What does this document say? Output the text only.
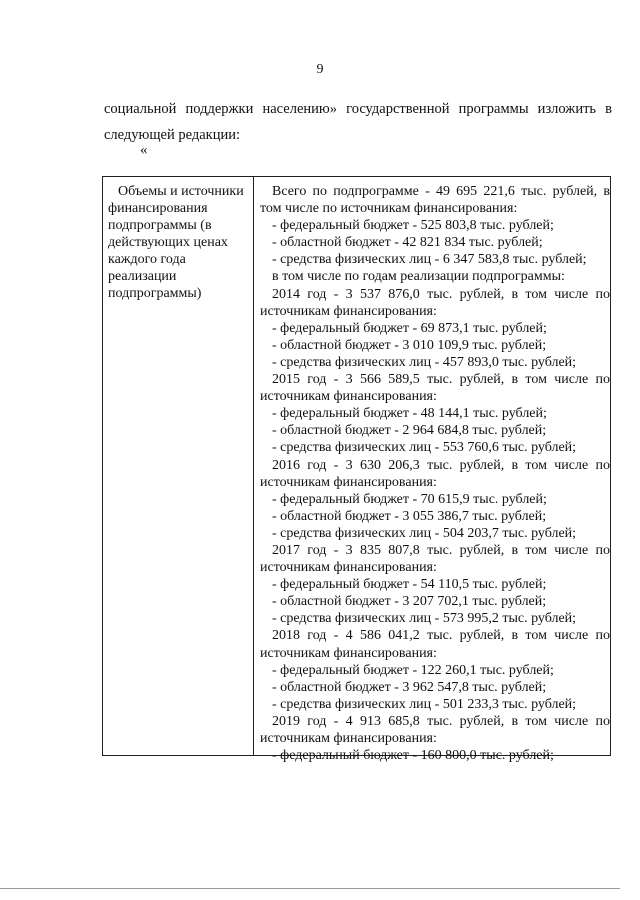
9
социальной поддержки населению» государственной программы изложить в
следующей редакции:
«
Объемы и источники
финансирования
подпрограммы (в
действующих ценах
каждого года
реализации
подпрограммы)
Всего по подпрограмме - 49 695 221,6 тыс. рублей, в
том числе по источникам финансирования:
- федеральный бюджет - 525 803,8 тыс. рублей;
- областной бюджет - 42 821 834 тыс. рублей;
- средства физических лиц - 6 347 583,8 тыс. рублей;
в том числе по годам реализации подпрограммы:
2014 год - 3 537 876,0 тыс. рублей, в том числе по
источникам финансирования:
- федеральный бюджет - 69 873,1 тыс. рублей;
- областной бюджет - 3 010 109,9 тыс. рублей;
- средства физических лиц - 457 893,0 тыс. рублей;
2015 год - 3 566 589,5 тыс. рублей, в том числе по
источникам финансирования:
- федеральный бюджет - 48 144,1 тыс. рублей;
- областной бюджет - 2 964 684,8 тыс. рублей;
- средства физических лиц - 553 760,6 тыс. рублей;
2016 год - 3 630 206,3 тыс. рублей, в том числе по
источникам финансирования:
- федеральный бюджет - 70 615,9 тыс. рублей;
- областной бюджет - 3 055 386,7 тыс. рублей;
- средства физических лиц - 504 203,7 тыс. рублей;
2017 год - 3 835 807,8 тыс. рублей, в том числе по
источникам финансирования:
- федеральный бюджет - 54 110,5 тыс. рублей;
- областной бюджет - 3 207 702,1 тыс. рублей;
- средства физических лиц - 573 995,2 тыс. рублей;
2018 год - 4 586 041,2 тыс. рублей, в том числе по
источникам финансирования:
- федеральный бюджет - 122 260,1 тыс. рублей;
- областной бюджет - 3 962 547,8 тыс. рублей;
- средства физических лиц - 501 233,3 тыс. рублей;
2019 год - 4 913 685,8 тыс. рублей, в том числе по
источникам финансирования:
- федеральный бюджет - 160 800,0 тыс. рублей;
